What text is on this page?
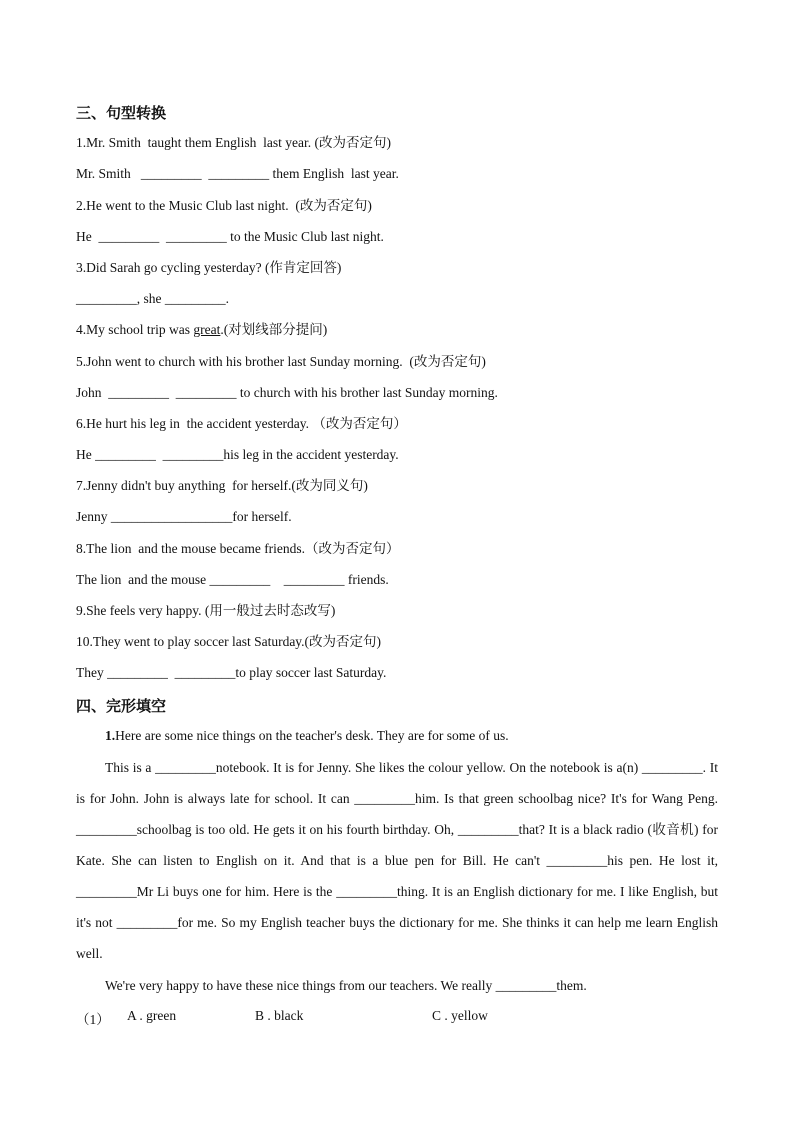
三、句型转换
1.Mr. Smith  taught them English  last year. (改为否定句)
Mr. Smith   _________  _________ them English  last year.
2.He went to the Music Club last night.  (改为否定句)
He  _________  _________ to the Music Club last night.
3.Did Sarah go cycling yesterday? (作肯定回答)
_________, she _________.
4.My school trip was great.(对划线部分提问)
5.John went to church with his brother last Sunday morning.  (改为否定句)
John  _________  _________ to church with his brother last Sunday morning.
6.He hurt his leg in  the accident yesterday. （改为否定句）
He _________  _________his leg in the accident yesterday.
7.Jenny didn't buy anything  for herself.(改为同义句)
Jenny __________________for herself.
8.The lion  and the mouse became friends.（改为否定句）
The lion  and the mouse _________    _________ friends.
9.She feels very happy. (用一般过去时态改写)
10.They went to play soccer last Saturday.(改为否定句)
They _________  _________to play soccer last Saturday.
四、完形填空
1.Here are some nice things on the teacher's desk. They are for some of us.
This is a _________notebook. It is for Jenny. She likes the colour yellow. On the notebook is a(n) _________. It is for John. John is always late for school. It can _________him. Is that green schoolbag nice? It's for Wang Peng. _________schoolbag is too old. He gets it on his fourth birthday. Oh, _________that? It is a black radio (收音机) for Kate. She can listen to English on it. And that is a blue pen for Bill. He can't _________his pen. He lost it, _________Mr Li buys one for him. Here is the _________thing. It is an English dictionary for me. I like English, but it's not _________for me. So my English teacher buys the dictionary for me. She thinks it can help me learn English well.
We're very happy to have these nice things from our teachers. We really _________them.
（1） A . green	B . black	C . yellow
